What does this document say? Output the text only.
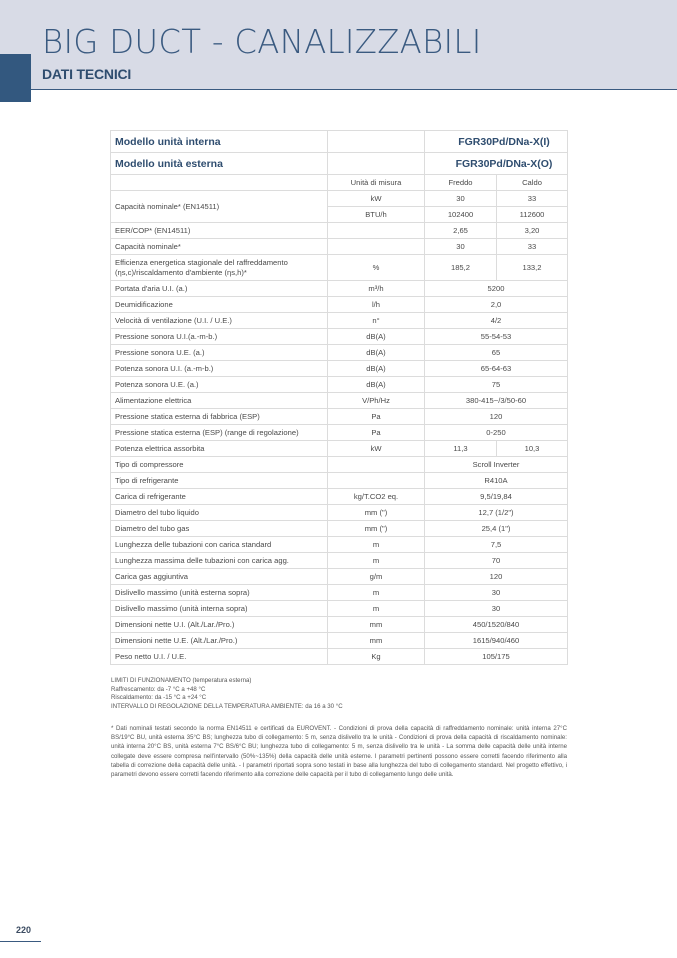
BIG DUCT - CANALIZZABILI
DATI TECNICI
Modello unità interna		FGR30Pd/DNa-X(I)	
Modello unità esterna		FGR30Pd/DNa-X(O)	
	Unità di misura	Freddo	Caldo
Capacità nominale* (EN14511)	kW	30	33
	BTU/h	102400	112600
EER/COP* (EN14511)		2,65	3,20
Capacità nominale*		30	33
Efficienza energetica stagionale del raffreddamento (ηs,c)/riscaldamento d'ambiente (ηs,h)*	%	185,2	133,2
Portata d'aria U.I. (a.)	m³/h	5200	
Deumidificazione	l/h	2,0	
Velocità di ventilazione (U.I. / U.E.)	n°	4/2	
Pressione sonora U.I.(a.-m-b.)	dB(A)	55-54-53	
Pressione sonora U.E. (a.)	dB(A)	65	
Potenza sonora U.I. (a.-m-b.)	dB(A)	65-64-63	
Potenza sonora U.E. (a.)	dB(A)	75	
Alimentazione elettrica	V/Ph/Hz	380-415~/3/50-60	
Pressione statica esterna di fabbrica (ESP)	Pa	120	
Pressione statica esterna (ESP) (range di regolazione)	Pa	0-250	
Potenza elettrica assorbita	kW	11,3	10,3
Tipo di compressore		Scroll Inverter	
Tipo di refrigerante		R410A	
Carica di refrigerante	kg/T.CO2 eq.	9,5/19,84	
Diametro del tubo liquido	mm (")	12,7 (1/2")	
Diametro del tubo gas	mm (")	25,4 (1")	
Lunghezza delle tubazioni con carica standard	m	7,5	
Lunghezza massima delle tubazioni con carica agg.	m	70	
Carica gas aggiuntiva	g/m	120	
Dislivello massimo (unità esterna sopra)	m	30	
Dislivello massimo (unità interna sopra)	m	30	
Dimensioni nette U.I. (Alt./Lar./Pro.)	mm	450/1520/840	
Dimensioni nette U.E. (Alt./Lar./Pro.)	mm	1615/940/460	
Peso netto U.I. / U.E.	Kg	105/175	
LIMITI DI FUNZIONAMENTO (temperatura esterna)
Raffrescamento: da -7 °C a +48 °C
Riscaldamento: da -15 °C a +24 °C
INTERVALLO DI REGOLAZIONE DELLA TEMPERATURA AMBIENTE: da 16 a 30 °C
* Dati nominali testati secondo la norma EN14511 e certificati da EUROVENT. - Condizioni di prova della capacità di raffreddamento nominale: unità interna 27°C BS/19°C BU, unità esterna 35°C BS; lunghezza tubo di collegamento: 5 m, senza dislivello tra le unità - Condizioni di prova della capacità di riscaldamento nominale: unità interna 20°C BS, unità esterna 7°C BS/6°C BU; lunghezza tubo di collegamento: 5 m, senza dislivello tra le unità - La somma delle capacità delle unità interne collegate deve essere compresa nell'intervallo (50%~135%) della capacità delle unità esterne. I parametri pertinenti possono essere corretti facendo riferimento alla tabella di correzione della capacità delle unità. - I parametri riportati sopra sono testati in base alla lunghezza del tubo di collegamento standard. Nel progetto effettivo, i parametri devono essere corretti facendo riferimento alla correzione delle capacità per il tubo di collegamento lungo delle unità.
220
